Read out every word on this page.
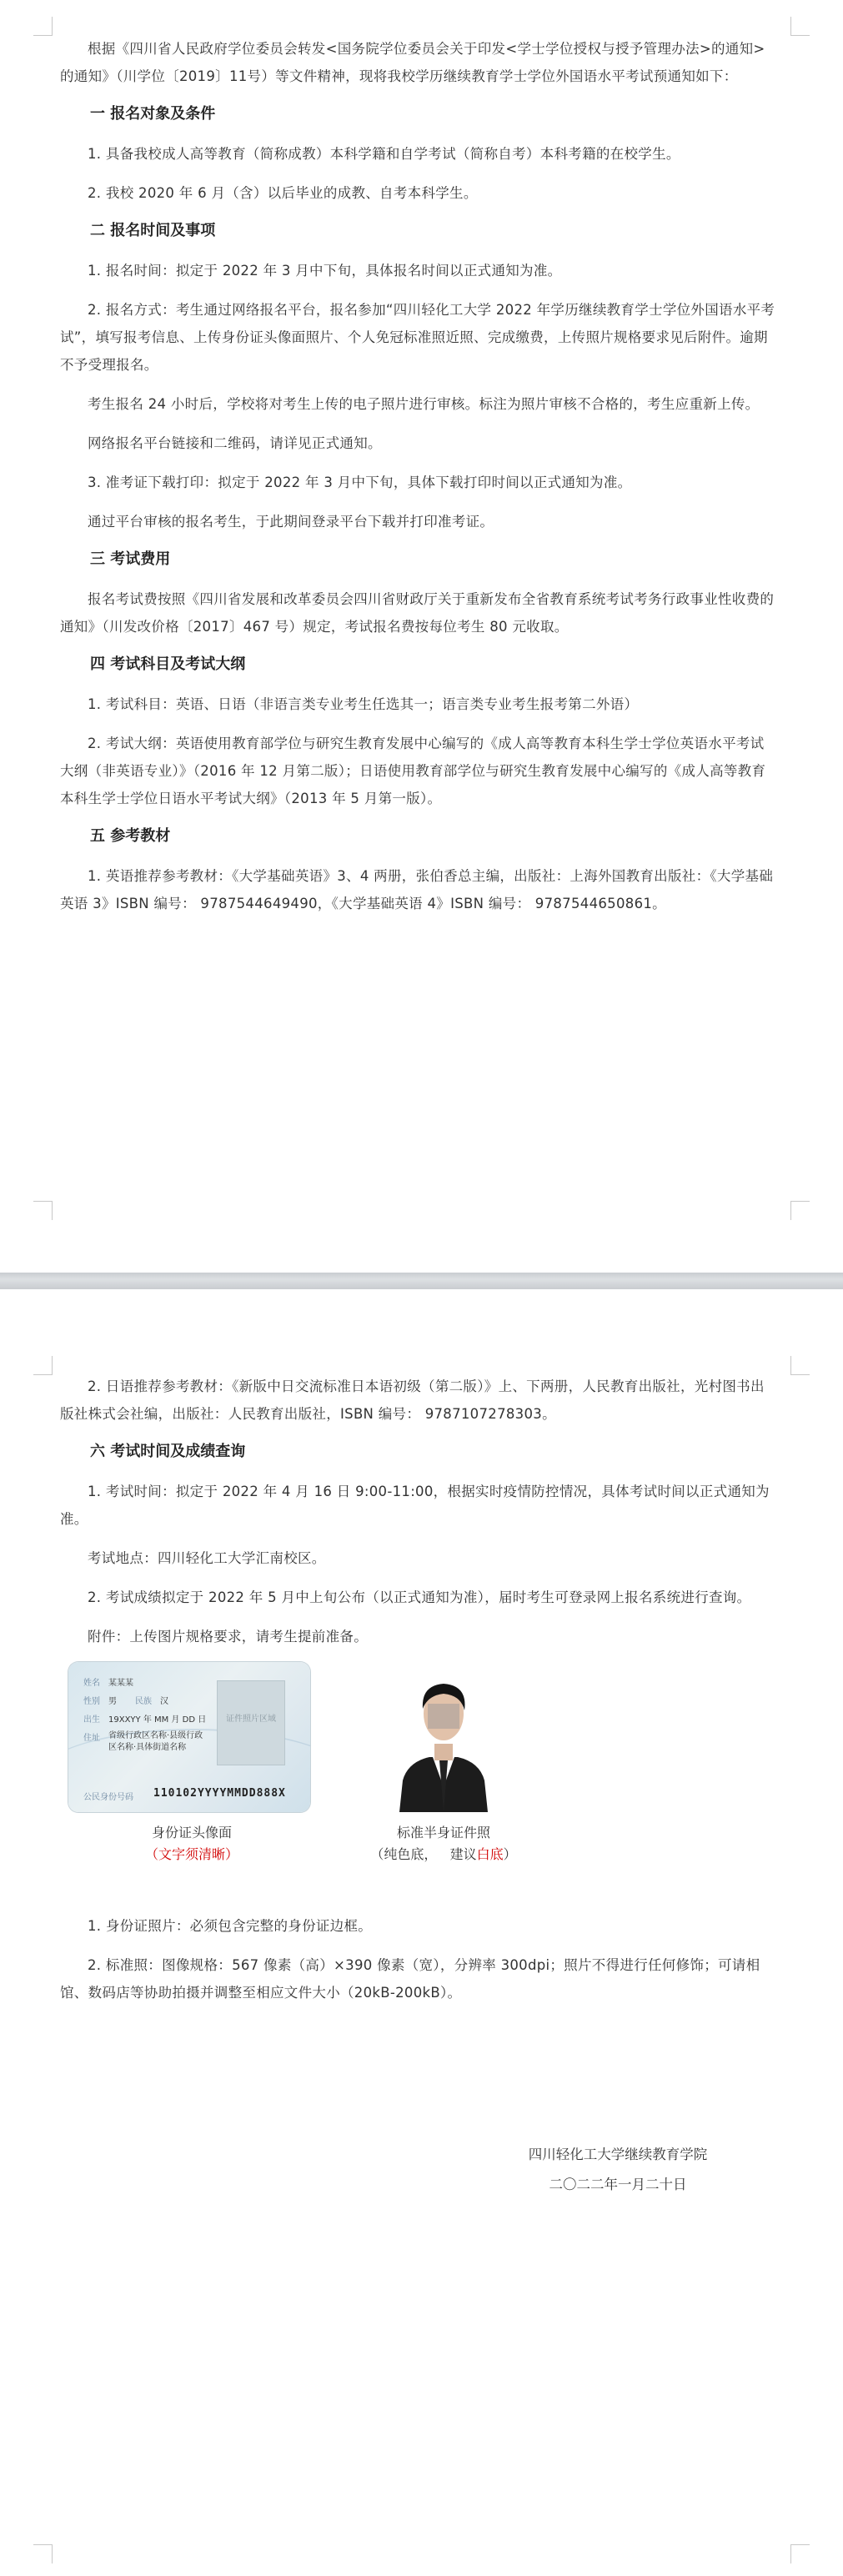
根据《四川省人民政府学位委员会转发<国务院学位委员会关于印发<学士学位授权与授予管理办法>的通知>的通知》（川学位〔2019〕11号）等文件精神，现将我校学历继续教育学士学位外国语水平考试预通知如下：

一 报名对象及条件

1. 具备我校成人高等教育（简称成教）本科学籍和自学考试（简称自考）本科考籍的在校学生。

2. 我校 2020 年 6 月（含）以后毕业的成教、自考本科学生。

二 报名时间及事项

1. 报名时间：拟定于 2022 年 3 月中下旬，具体报名时间以正式通知为准。

2. 报名方式：考生通过网络报名平台，报名参加“四川轻化工大学 2022 年学历继续教育学士学位外国语水平考试”，填写报考信息、上传身份证头像面照片、个人免冠标准照近照、完成缴费，上传照片规格要求见后附件。逾期不予受理报名。

考生报名 24 小时后，学校将对考生上传的电子照片进行审核。标注为照片审核不合格的，考生应重新上传。

网络报名平台链接和二维码，请详见正式通知。

3. 准考证下载打印：拟定于 2022 年 3 月中下旬，具体下载打印时间以正式通知为准。

通过平台审核的报名考生，于此期间登录平台下载并打印准考证。

三 考试费用

报名考试费按照《四川省发展和改革委员会四川省财政厅关于重新发布全省教育系统考试考务行政事业性收费的通知》（川发改价格〔2017〕467 号）规定，考试报名费按每位考生 80 元收取。

四 考试科目及考试大纲

1. 考试科目：英语、日语（非语言类专业考生任选其一；语言类专业考生报考第二外语）

2. 考试大纲：英语使用教育部学位与研究生教育发展中心编写的《成人高等教育本科生学士学位英语水平考试大纲（非英语专业）》（2016 年 12 月第二版）；日语使用教育部学位与研究生教育发展中心编写的《成人高等教育本科生学士学位日语水平考试大纲》（2013 年 5 月第一版）。

五 参考教材

1. 英语推荐参考教材：《大学基础英语》3、4 两册，张伯香总主编，出版社：上海外国教育出版社：《大学基础英语 3》ISBN 编号： 9787544649490，《大学基础英语 4》ISBN 编号： 9787544650861。

2. 日语推荐参考教材：《新版中日交流标准日本语初级（第二版）》上、下两册，人民教育出版社，光村图书出版社株式会社编，出版社：人民教育出版社，ISBN 编号： 9787107278303。

六 考试时间及成绩查询

1. 考试时间：拟定于 2022 年 4 月 16 日 9:00-11:00，根据实时疫情防控情况，具体考试时间以正式通知为准。

考试地点：四川轻化工大学汇南校区。

2. 考试成绩拟定于 2022 年 5 月中上旬公布（以正式通知为准），届时考生可登录网上报名系统进行查询。

附件：上传图片规格要求，请考生提前准备。

姓名 某某某
性别 男 民族 汉
出生 19XXYY 年 MM 月 DD 日
住址 省级行政区名称·县级行政区名称·具体街道名称
证件照片区域
公民身份号码 110102YYYYMMDD888X
身份证头像面
（文字须清晰）
标准半身证件照
（纯色底， 建议白底）

1. 身份证照片：必须包含完整的身份证边框。

2. 标准照：图像规格：567 像素（高）×390 像素（宽），分辨率 300dpi；照片不得进行任何修饰；可请相馆、数码店等协助拍摄并调整至相应文件大小（20kB-200kB）。

四川轻化工大学继续教育学院
二〇二二年一月二十日
